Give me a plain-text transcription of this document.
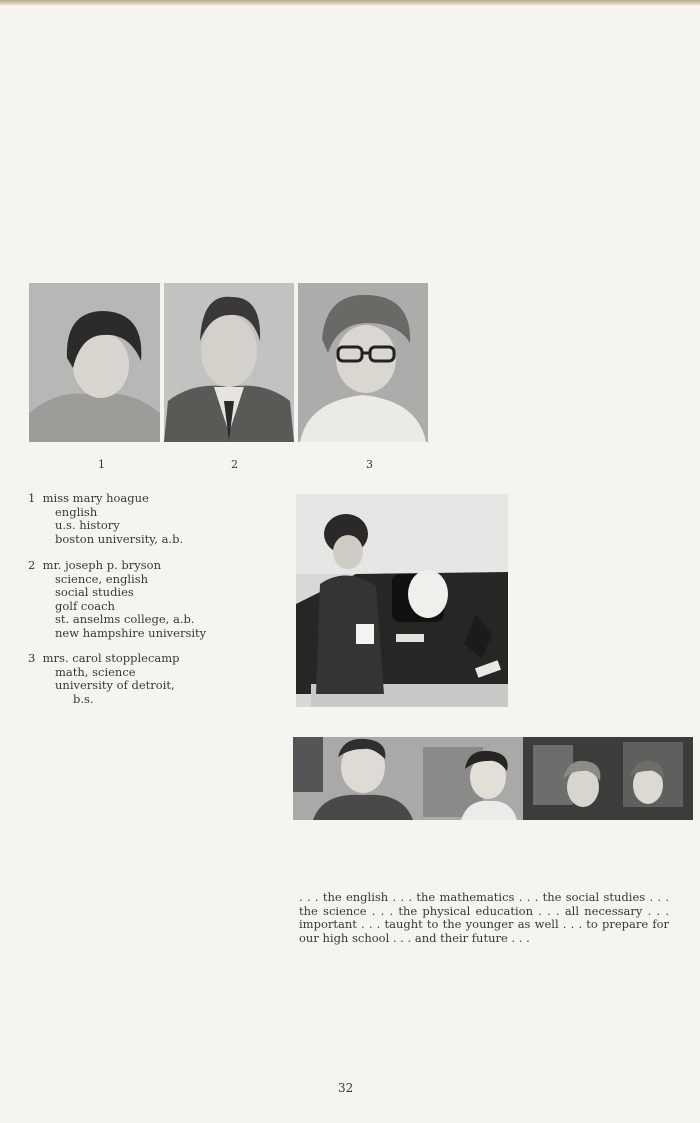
1	2	3
1 miss mary hoague
english
u.s. history
boston university, a.b.
2 mr. joseph p. bryson
science, english
social studies
golf coach
st. anselms college, a.b.
new hampshire university
3 mrs. carol stopplecamp
math, science
university of detroit,
b.s.
. . . the english . . . the mathematics . . . the social studies . . . the science . . . the physical education . . . all necessary . . . important . . . taught to the younger as well . . . to prepare for our high school . . . and their future . . .
32
